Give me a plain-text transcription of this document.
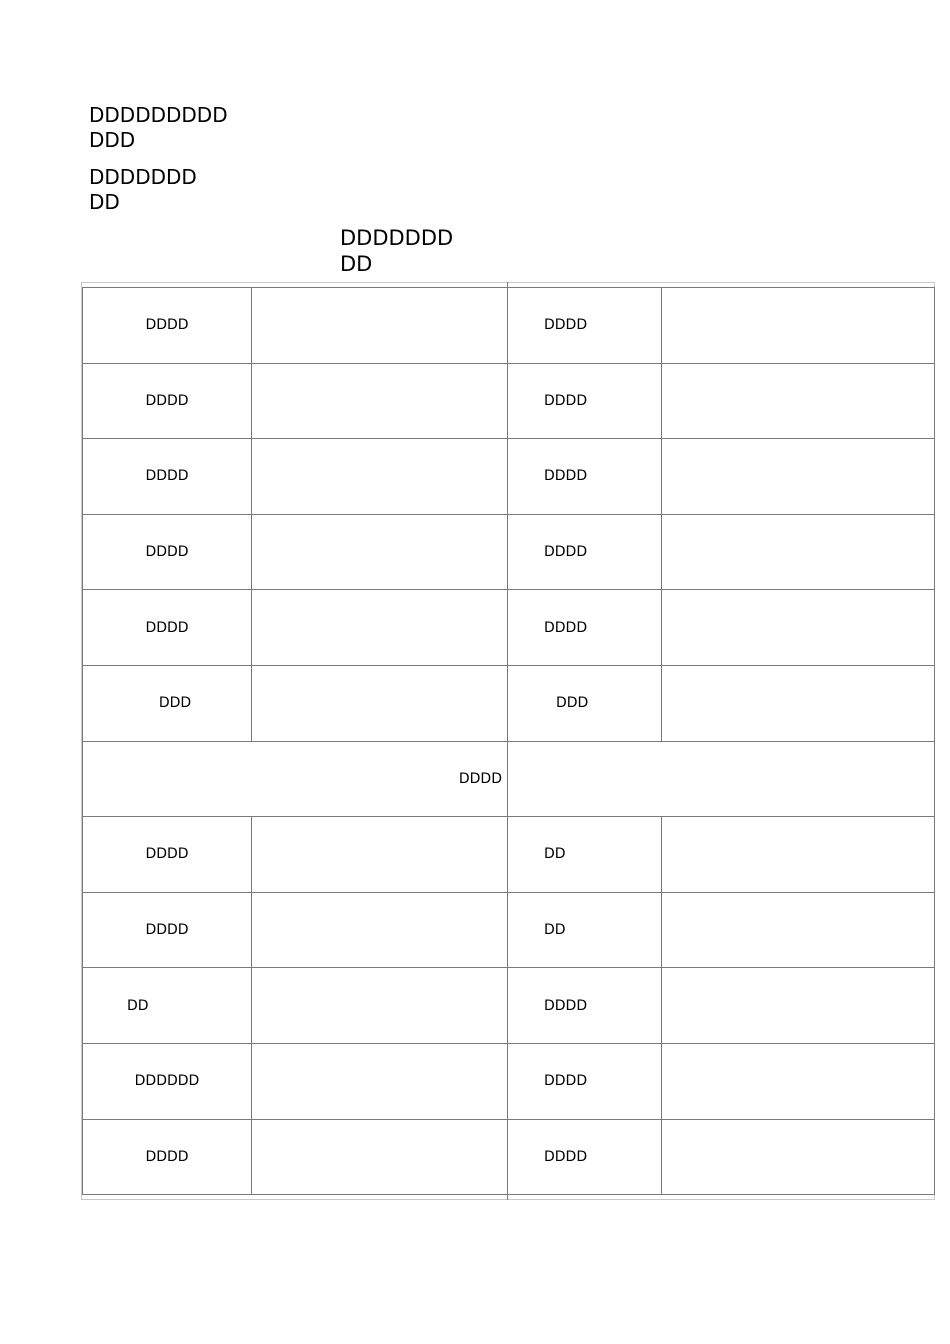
DDDDDDDDD
DDD
DDDDDDD
DD
DDDDDDD
DD
DDDD		DDDD	
DDDD		DDDD	
DDDD		DDDD	
DDDD		DDDD	
DDDD		DDDD	
DDD		DDD	
DDDD			
DDDD		DD	
DDDD		DD	
DD		DDDD	
DDDDDD		DDDD	
DDDD		DDDD	
